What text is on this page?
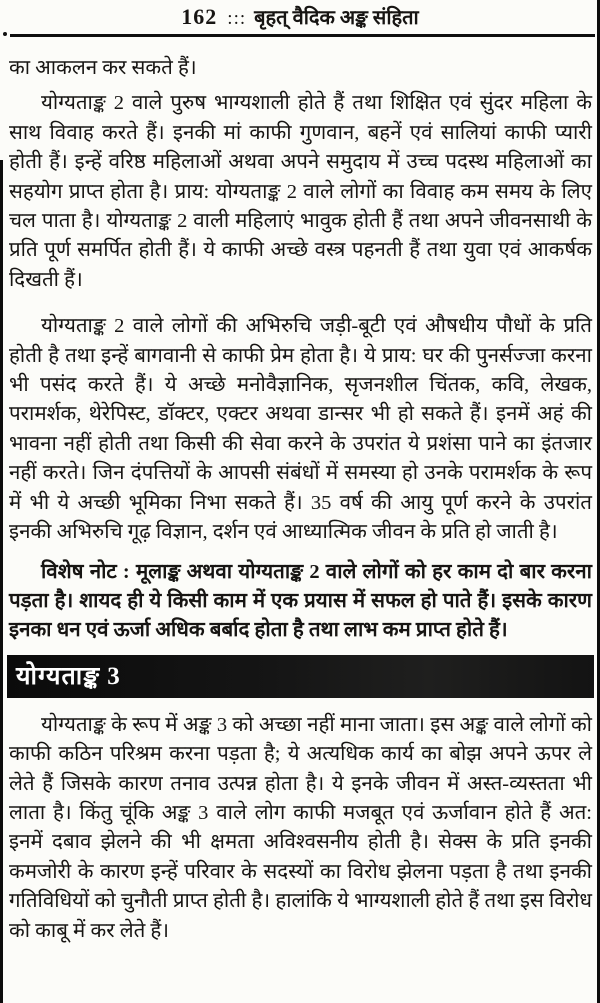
162 ::: बृहत् वैदिक अङ्क संहिता

का आकलन कर सकते हैं।

योग्यताङ्क 2 वाले पुरुष भाग्यशाली होते हैं तथा शिक्षित एवं सुंदर महिला के साथ विवाह करते हैं। इनकी मां काफी गुणवान, बहनें एवं सालियां काफी प्यारी होती हैं। इन्हें वरिष्ठ महिलाओं अथवा अपने समुदाय में उच्च पदस्थ महिलाओं का सहयोग प्राप्त होता है। प्राय: योग्यताङ्क 2 वाले लोगों का विवाह कम समय के लिए चल पाता है। योग्यताङ्क 2 वाली महिलाएं भावुक होती हैं तथा अपने जीवनसाथी के प्रति पूर्ण समर्पित होती हैं। ये काफी अच्छे वस्त्र पहनती हैं तथा युवा एवं आकर्षक दिखती हैं।

योग्यताङ्क 2 वाले लोगों की अभिरुचि जड़ी-बूटी एवं औषधीय पौधों के प्रति होती है तथा इन्हें बागवानी से काफी प्रेम होता है। ये प्राय: घर की पुनर्सज्जा करना भी पसंद करते हैं। ये अच्छे मनोवैज्ञानिक, सृजनशील चिंतक, कवि, लेखक, परामर्शक, थेरेपिस्ट, डॉक्टर, एक्टर अथवा डान्सर भी हो सकते हैं। इनमें अहं की भावना नहीं होती तथा किसी की सेवा करने के उपरांत ये प्रशंसा पाने का इंतजार नहीं करते। जिन दंपत्तियों के आपसी संबंधों में समस्या हो उनके परामर्शक के रूप में भी ये अच्छी भूमिका निभा सकते हैं। 35 वर्ष की आयु पूर्ण करने के उपरांत इनकी अभिरुचि गूढ़ विज्ञान, दर्शन एवं आध्यात्मिक जीवन के प्रति हो जाती है।

विशेष नोट : मूलाङ्क अथवा योग्यताङ्क 2 वाले लोगों को हर काम दो बार करना पड़ता है। शायद ही ये किसी काम में एक प्रयास में सफल हो पाते हैं। इसके कारण इनका धन एवं ऊर्जा अधिक बर्बाद होता है तथा लाभ कम प्राप्त होते हैं।

योग्यताङ्क 3

योग्यताङ्क के रूप में अङ्क 3 को अच्छा नहीं माना जाता। इस अङ्क वाले लोगों को काफी कठिन परिश्रम करना पड़ता है; ये अत्यधिक कार्य का बोझ अपने ऊपर ले लेते हैं जिसके कारण तनाव उत्पन्न होता है। ये इनके जीवन में अस्त-व्यस्तता भी लाता है। किंतु चूंकि अङ्क 3 वाले लोग काफी मजबूत एवं ऊर्जावान होते हैं अत: इनमें दबाव झेलने की भी क्षमता अविश्वसनीय होती है। सेक्स के प्रति इनकी कमजोरी के कारण इन्हें परिवार के सदस्यों का विरोध झेलना पड़ता है तथा इनकी गतिविधियों को चुनौती प्राप्त होती है। हालांकि ये भाग्यशाली होते हैं तथा इस विरोध को काबू में कर लेते हैं।
